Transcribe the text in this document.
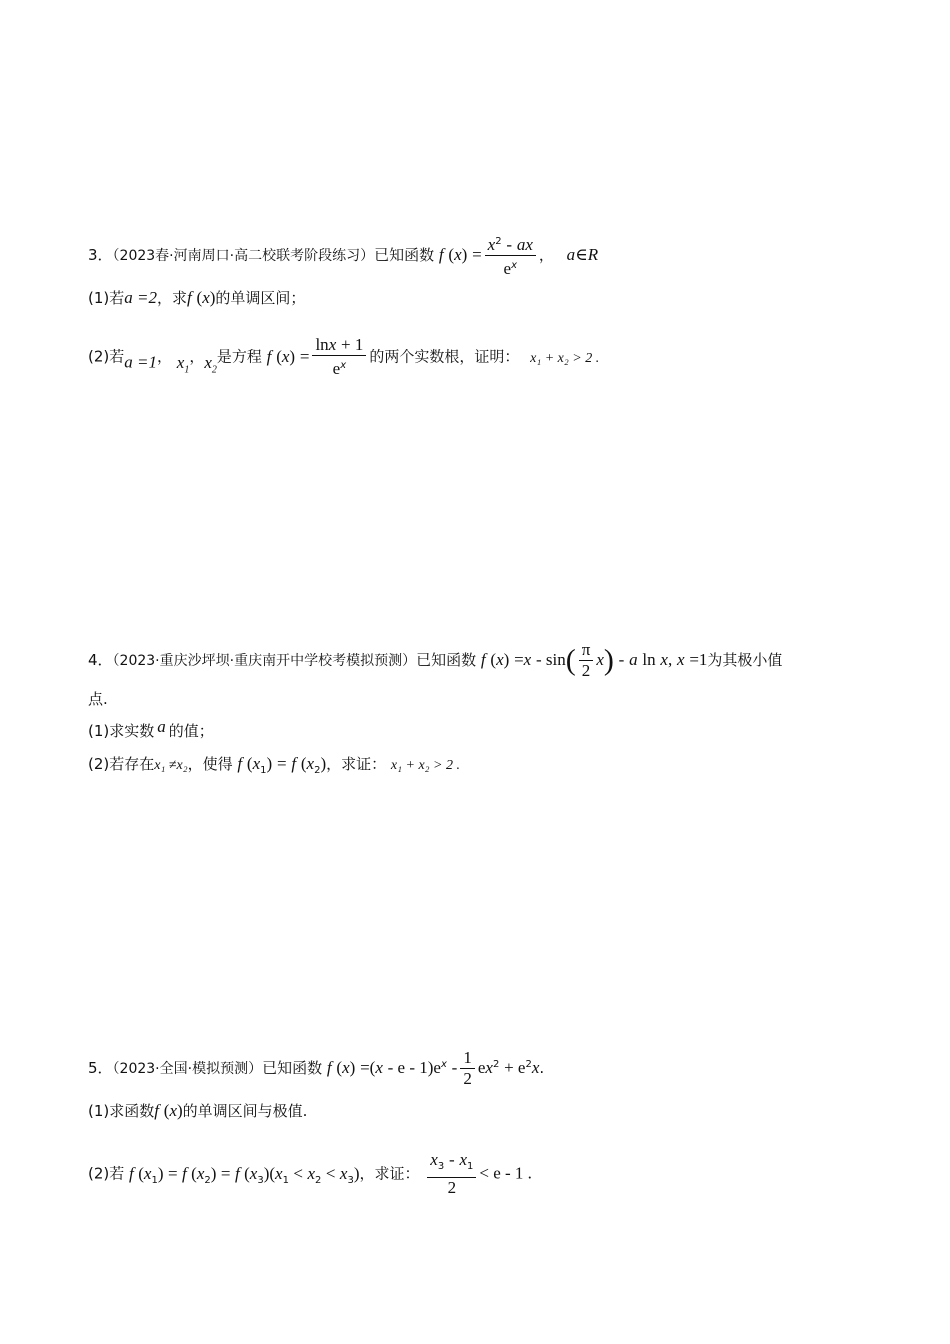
3．（2023春·河南周口·高二校联考阶段练习）已知函数 f $(x) = \frac{x^2 - ax}{e^x}$ ， a∈R
(1)若a =2，求f (x)的单调区间；
(2)若a =1， $x_1$，$x_2$是方程 f $(x) = \frac{\ln x + 1}{e^x}$ 的两个实数根，证明： x₁ + x₂ > 2 .
4．（2023·重庆沙坪坝·重庆南开中学校考模拟预测）已知函数 f $(x) =x - \sin( \frac{\pi}{2} x) - a$ ln x, x =1为其极小值
点.
(1)求实数 a 的值；
(2)若存在x₁ ≠x₂，使得 f $(x_1) = f$ $(x_2)$，求证： x₁ + x₂ > 2 .
5．（2023·全国·模拟预测）已知函数 f $(x) =(x - e - 1)e^x - \frac{1}{2} ex^2 + e^2x$.
(1)求函数f (x)的单调区间与极值.
(2)若 f $(x_1) = f$ $(x_2) = f$ $(x_3)(x_1 < x_2 < x_3)$，求证： $\frac{x_3 - x_1}{2} < e - 1$ .
